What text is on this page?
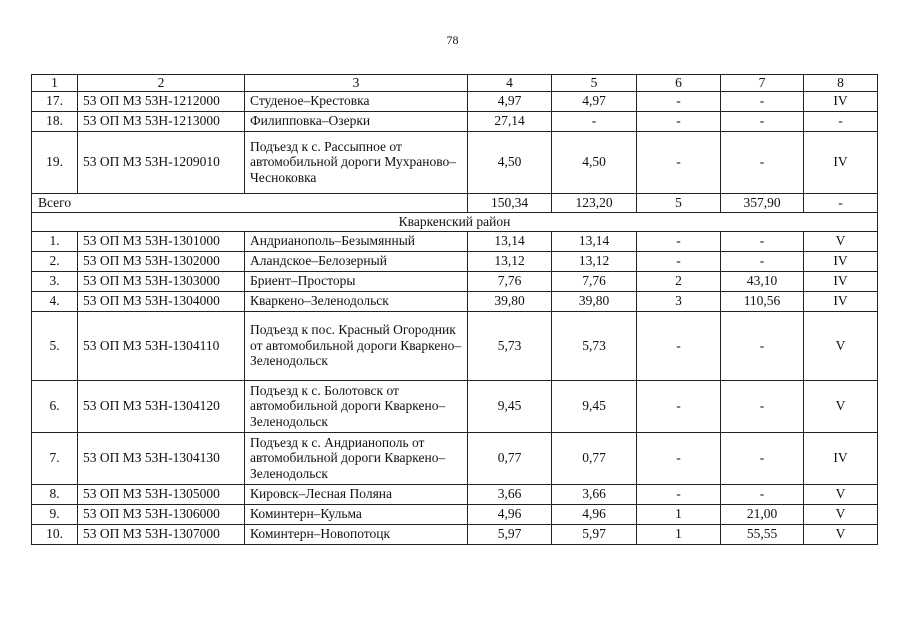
78
1	2	3	4	5	6	7	8
17.	53 ОП МЗ 53Н-1212000	Студеное–Крестовка	4,97	4,97	-	-	IV
18.	53 ОП МЗ 53Н-1213000	Филипповка–Озерки	27,14	-	-	-	-
19.	53 ОП МЗ 53Н-1209010	Подъезд к с. Рассыпное от автомобильной дороги Мухраново–Чесноковка	4,50	4,50	-	-	IV
Всего			150,34	123,20	5	357,90	-
Кваркенский район							
1.	53 ОП МЗ 53Н-1301000	Андрианополь–Безымянный	13,14	13,14	-	-	V
2.	53 ОП МЗ 53Н-1302000	Аландское–Белозерный	13,12	13,12	-	-	IV
3.	53 ОП МЗ 53Н-1303000	Бриент–Просторы	7,76	7,76	2	43,10	IV
4.	53 ОП МЗ 53Н-1304000	Кваркено–Зеленодольск	39,80	39,80	3	110,56	IV
5.	53 ОП МЗ 53Н-1304110	Подъезд к пос. Красный Огородник от автомобильной дороги Кваркено–Зеленодольск	5,73	5,73	-	-	V
6.	53 ОП МЗ 53Н-1304120	Подъезд к с. Болотовск от автомобильной дороги Кваркено–Зеленодольск	9,45	9,45	-	-	V
7.	53 ОП МЗ 53Н-1304130	Подъезд к с. Андрианополь от автомобильной дороги Кваркено–Зеленодольск	0,77	0,77	-	-	IV
8.	53 ОП МЗ 53Н-1305000	Кировск–Лесная Поляна	3,66	3,66	-	-	V
9.	53 ОП МЗ 53Н-1306000	Коминтерн–Кульма	4,96	4,96	1	21,00	V
10.	53 ОП МЗ 53Н-1307000	Коминтерн–Новопотоцк	5,97	5,97	1	55,55	V
